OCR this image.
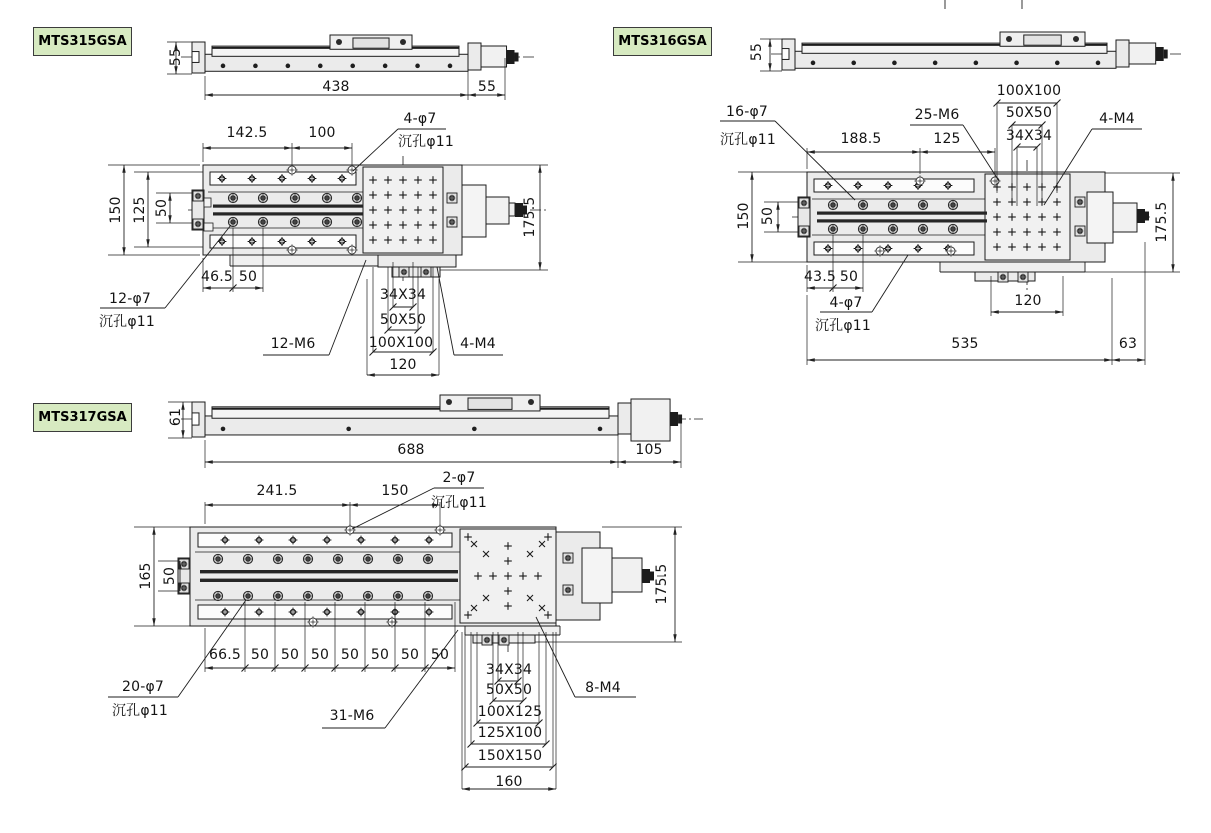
MTS315GSA	MTS316GSA
MTS317GSA
55
438	55
142.5	100
4-φ7
沉孔φ11
150 125 50	175.5
46.5 50
12-φ7
沉孔φ11
12-M6	4-M4
34X34
50X50
100X100
120
55
16-φ7
沉孔φ11	188.5	125
25-M6	4-M4
100X100
50X50
34X34
150 50	175.5
43.5 50
4-φ7
沉孔φ11
120
535	63
61
688	105
241.5	150
2-φ7
沉孔φ11
165 50	175.5
66.5 50 50 50 50 50 50 50
20-φ7
沉孔φ11	31-M6
8-M4
34X34
50X50
100X125
125X100
150X150
160
